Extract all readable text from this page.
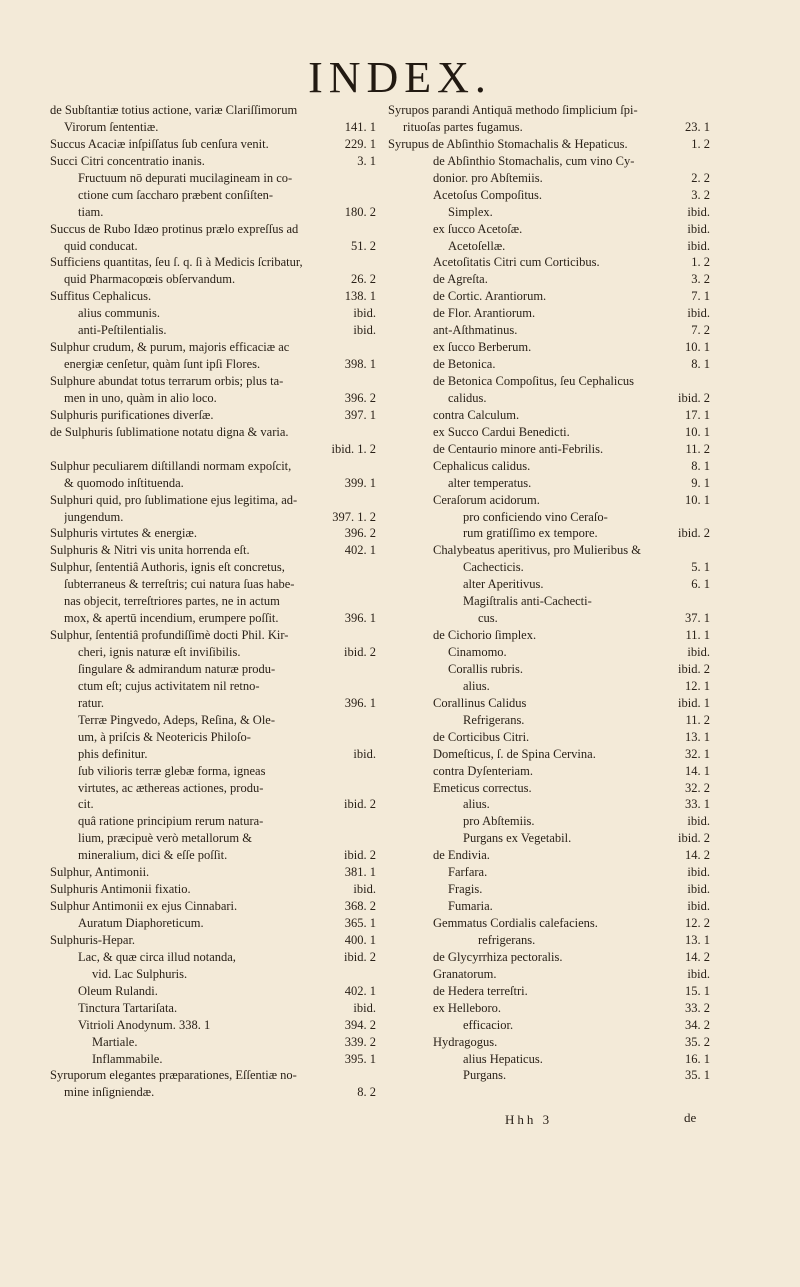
INDEX.
de Subſtantiæ totius actione, variæ Clariſſimorum
Virorum ſententiæ.	141. 1
Succus Acaciæ inſpiſſatus ſub cenſura venit.	229. 1
Succi Citri concentratio inanis.	3. 1
Fructuum nō depurati mucilagineam in co-
ctione cum ſaccharo præbent conſiſten-
tiam.	180. 2
Succus de Rubo Idæo protinus prælo expreſſus ad
quid conducat.	51. 2
Sufficiens quantitas, ſeu ſ. q. ſi à Medicis ſcribatur,
quid Pharmacopœis obſervandum.	26. 2
Suffitus Cephalicus.	138. 1
alius communis.	ibid.
anti-Peſtilentialis.	ibid.
Sulphur crudum, & purum, majoris efficaciæ ac
energiæ cenſetur, quàm ſunt ipſi Flores.	398. 1
Sulphure abundat totus terrarum orbis; plus ta-
men in uno, quàm in alio loco.	396. 2
Sulphuris purificationes diverſæ.	397. 1
de Sulphuris ſublimatione notatu digna & varia.
ibid. 1. 2
Sulphur peculiarem diſtillandi normam expoſcit,
& quomodo inſtituenda.	399. 1
Sulphuri quid, pro ſublimatione ejus legitima, ad-
jungendum.	397. 1. 2
Sulphuris virtutes & energiæ.	396. 2
Sulphuris & Nitri vis unita horrenda eſt.	402. 1
Sulphur, ſententiâ Authoris, ignis eſt concretus,
ſubterraneus & terreſtris; cui natura ſuas habe-
nas objecit, terreſtriores partes, ne in actum
mox, & apertū incendium, erumpere poſſit.	396. 1
Sulphur, ſententiâ profundiſſimè docti Phil. Kir-
cheri, ignis naturæ eſt inviſibilis.	ibid. 2
ſingulare & admirandum naturæ produ-
ctum eſt; cujus activitatem nil retno-
ratur.	396. 1
Terræ Pingvedo, Adeps, Reſina, & Ole-
um, à priſcis & Neotericis Philoſo-
phis definitur.	ibid.
ſub vilioris terræ glebæ forma, igneas
virtutes, ac æthereas actiones, produ-
cit.	ibid. 2
quâ ratione principium rerum natura-
lium, præcipuè verò metallorum &
mineralium, dici & eſſe poſſit.	ibid. 2
Sulphur, Antimonii.	381. 1
Sulphuris Antimonii fixatio.	ibid.
Sulphur Antimonii ex ejus Cinnabari.	368. 2
Auratum Diaphoreticum.	365. 1
Sulphuris-Hepar.	400. 1
Lac, & quæ circa illud notanda,	ibid. 2
vid. Lac Sulphuris.
Oleum Rulandi.	402. 1
Tinctura Tartariſata.	ibid.
Vitrioli Anodynum. 338. 1	394. 2
Martiale.	339. 2
Inflammabile.	395. 1
Syruporum elegantes præparationes, Eſſentiæ no-
mine inſigniendæ.	8. 2
Syrupos parandi Antiquā methodo ſimplicium ſpi-
rituoſas partes fugamus.	23. 1
Syrupus de Abſinthio Stomachalis & Hepaticus.	1. 2
de Abſinthio Stomachalis, cum vino Cy-
donior. pro Abſtemiis.	2. 2
Acetoſus Compoſitus.	3. 2
Simplex.	ibid.
ex ſucco Acetoſæ.	ibid.
Acetoſellæ.	ibid.
Acetoſitatis Citri cum Corticibus.	1. 2
de Agreſta.	3. 2
de Cortic. Arantiorum.	7. 1
de Flor. Arantiorum.	ibid.
ant-Aſthmatinus.	7. 2
ex ſucco Berberum.	10. 1
de Betonica.	8. 1
de Betonica Compoſitus, ſeu Cephalicus
calidus.	ibid. 2
contra Calculum.	17. 1
ex Succo Cardui Benedicti.	10. 1
de Centaurio minore anti-Febrilis.	11. 2
Cephalicus calidus.	8. 1
alter temperatus.	9. 1
Ceraſorum acidorum.	10. 1
pro conficiendo vino Ceraſo-
rum gratiſſimo ex tempore.	ibid. 2
Chalybeatus aperitivus, pro Mulieribus &
Cachecticis.	5. 1
alter Aperitivus.	6. 1
Magiſtralis anti-Cachecti-
cus.	37. 1
de Cichorio ſimplex.	11. 1
Cinamomo.	ibid.
Corallis rubris.	ibid. 2
alius.	12. 1
Corallinus Calidus	ibid. 1
Refrigerans.	11. 2
de Corticibus Citri.	13. 1
Domeſticus, ſ. de Spina Cervina.	32. 1
contra Dyſenteriam.	14. 1
Emeticus correctus.	32. 2
alius.	33. 1
pro Abſtemiis.	ibid.
Purgans ex Vegetabil.	ibid. 2
de Endivia.	14. 2
Farfara.	ibid.
Fragis.	ibid.
Fumaria.	ibid.
Gemmatus Cordialis calefaciens.	12. 2
refrigerans.	13. 1
de Glycyrrhiza pectoralis.	14. 2
Granatorum.	ibid.
de Hedera terreſtri.	15. 1
ex Helleboro.	33. 2
efficacior.	34. 2
Hydragogus.	35. 2
alius Hepaticus.	16. 1
Purgans.	35. 1
Hhh 3	de
